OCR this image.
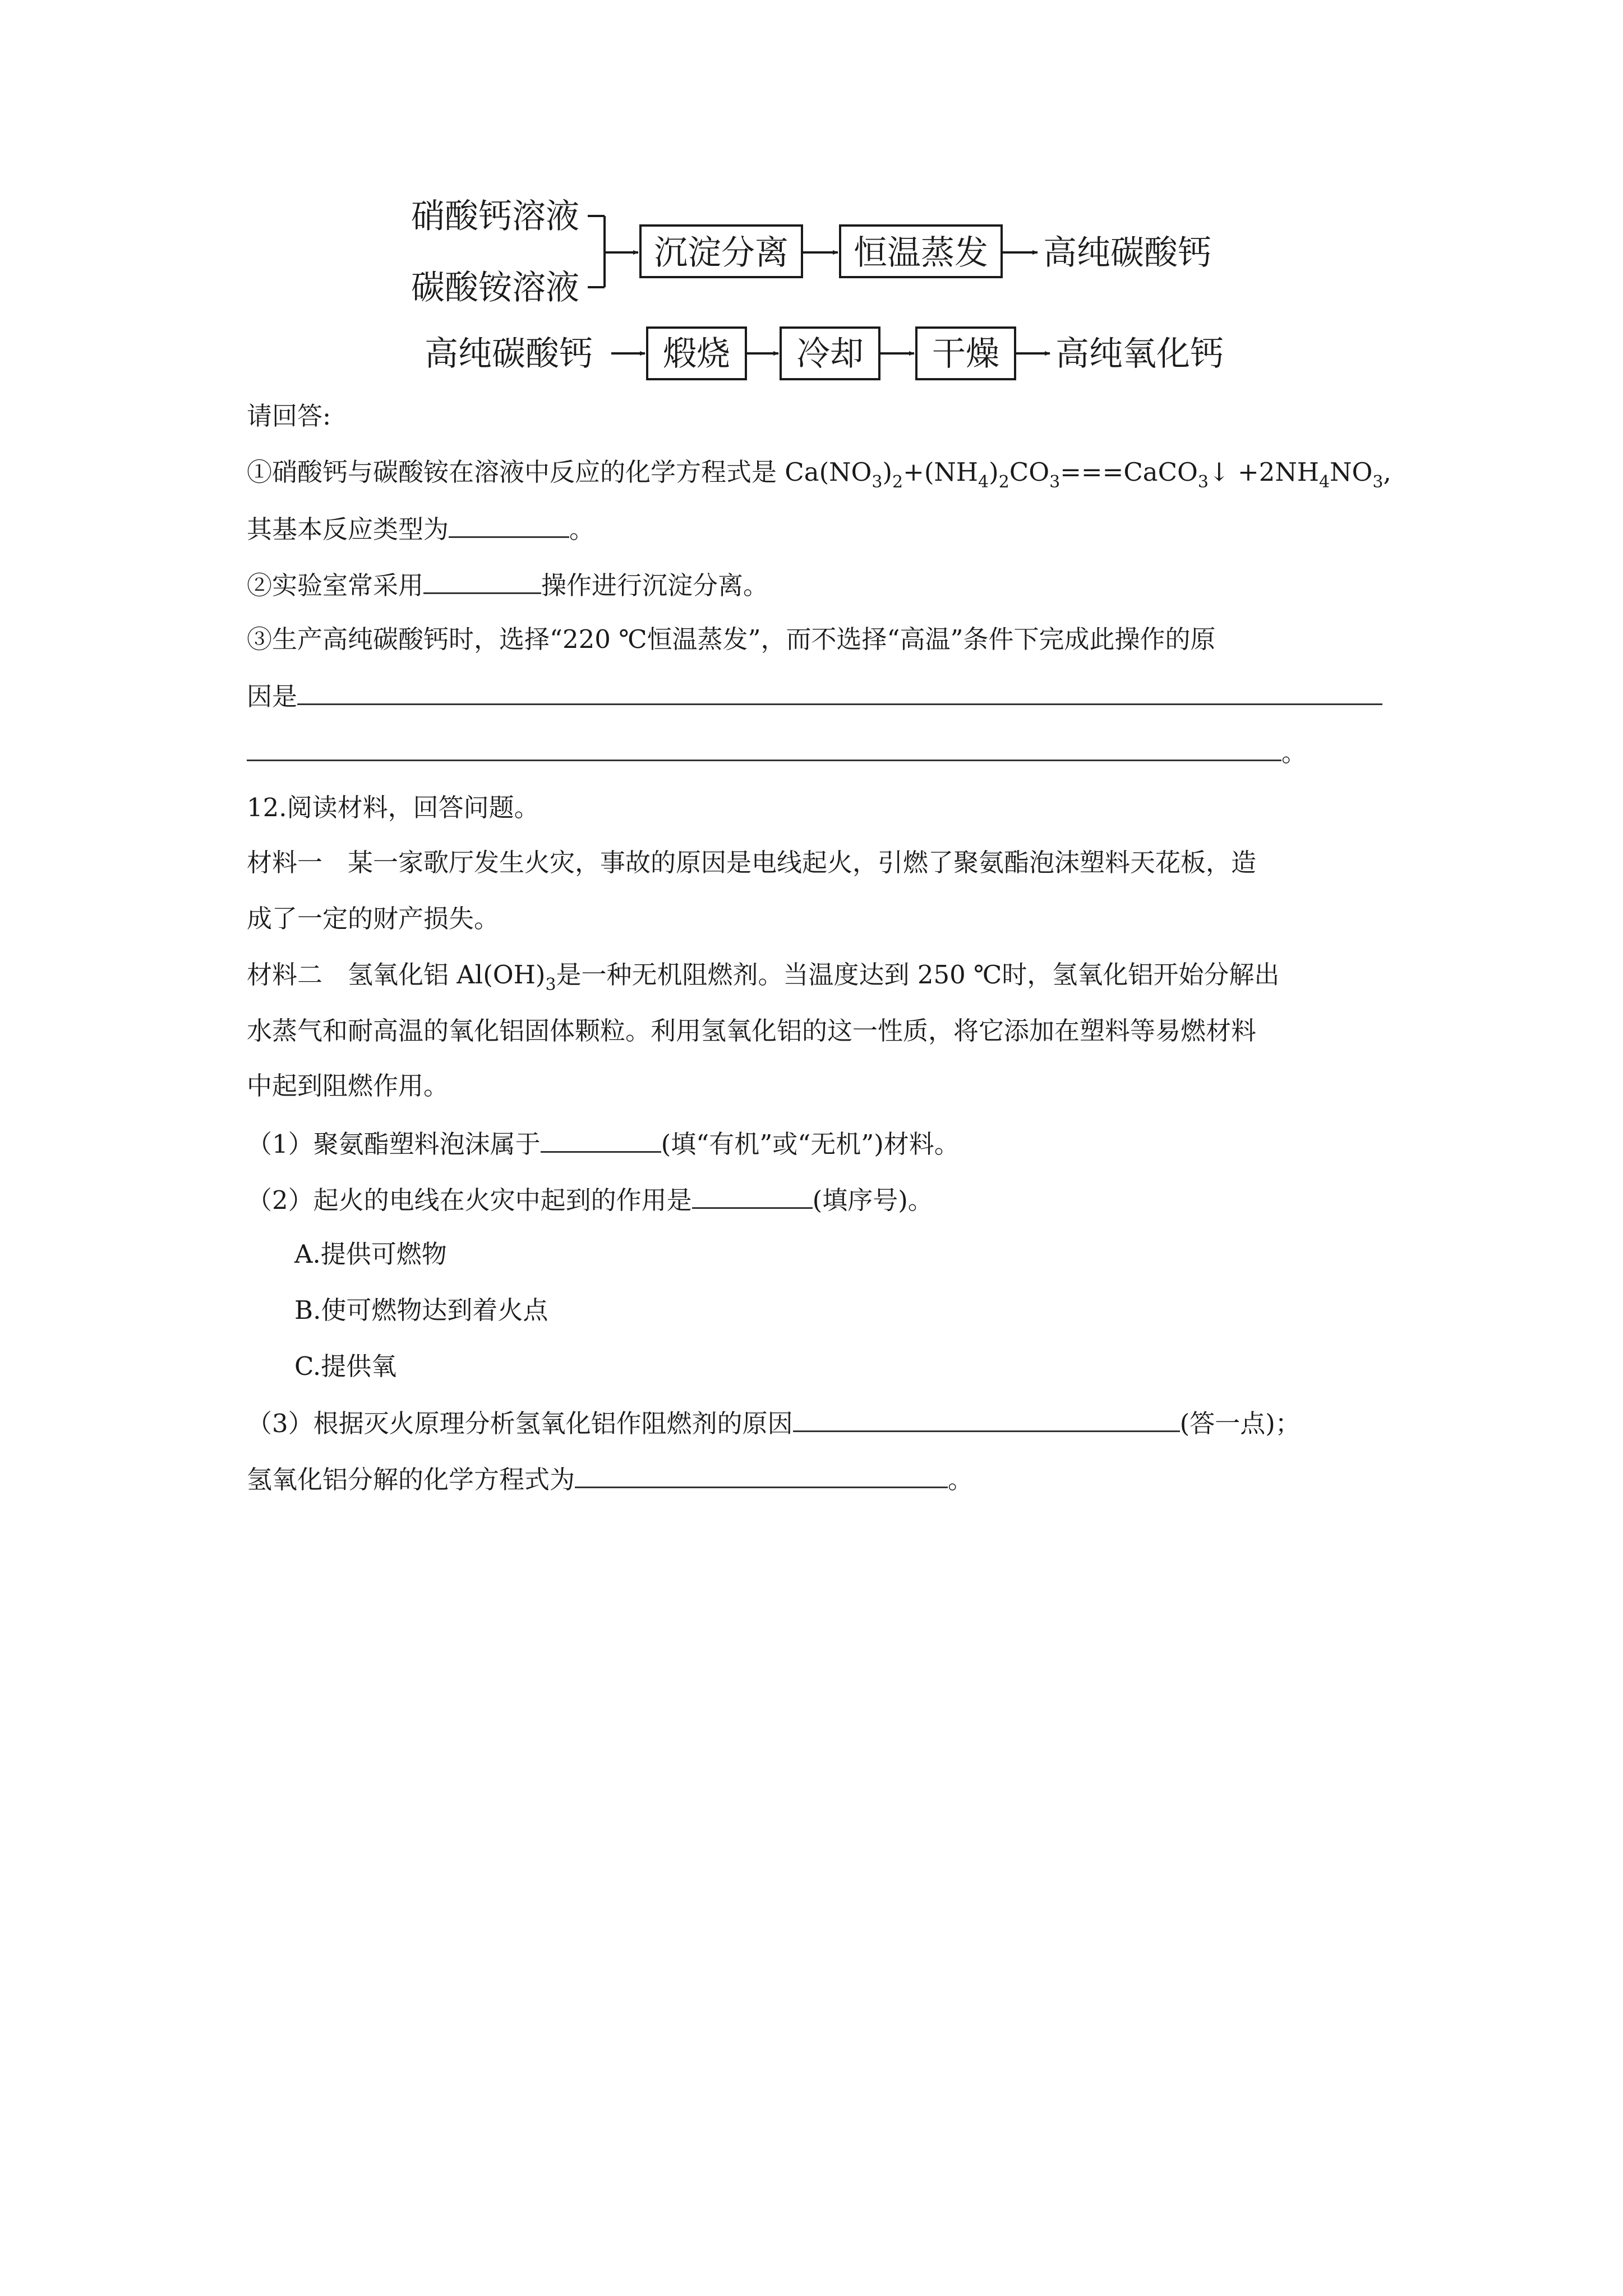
硝酸钙溶液
碳酸铵溶液
沉淀分离 恒温蒸发 高纯碳酸钙
高纯碳酸钙 煅烧 冷却 干燥 高纯氧化钙
请回答:
①硝酸钙与碳酸铵在溶液中反应的化学方程式是 $Ca(NO_3)_2+(NH_4)_2CO_3===CaCO_3↓ +2NH_4NO_3$,
其基本反应类型为	。
②实验室常采用	操作进行沉淀分离。
③生产高纯碳酸钙时，选择“220 ℃恒温蒸发”，而不选择“高温”条件下完成此操作的原
因是
。
12.阅读材料，回答问题。
材料一　某一家歌厅发生火灾，事故的原因是电线起火，引燃了聚氨酯泡沫塑料天花板，造
成了一定的财产损失。
材料二　氢氧化铝 $Al(OH)_3$是一种无机阻燃剂。当温度达到 250 ℃时，氢氧化铝开始分解出
水蒸气和耐高温的氧化铝固体颗粒。利用氢氧化铝的这一性质，将它添加在塑料等易燃材料
中起到阻燃作用。
（1）聚氨酯塑料泡沫属于	(填“有机”或“无机”)材料。
（2）起火的电线在火灾中起到的作用是	(填序号)。
A.提供可燃物
B.使可燃物达到着火点
C.提供氧
（3）根据灭火原理分析氢氧化铝作阻燃剂的原因	(答一点)；
氢氧化铝分解的化学方程式为	。
